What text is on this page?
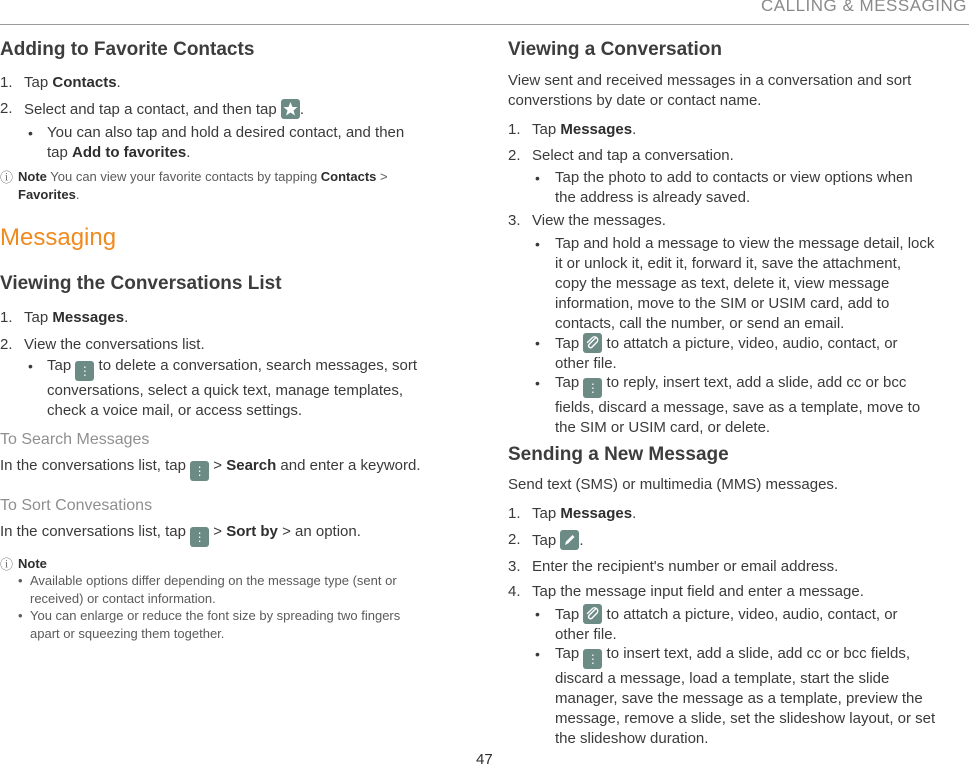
CALLING & MESSAGING
Adding to Favorite Contacts
1. Tap Contacts.
2. Select and tap a contact, and then tap .
• You can also tap and hold a desired contact, and then
tap Add to favorites.
ⓘ Note You can view your favorite contacts by tapping Contacts >
Favorites.
Messaging
Viewing the Conversations List
1. Tap Messages.
2. View the conversations list.
• Tap ⋮ to delete a conversation, search messages, sort
conversations, select a quick text, manage templates,
check a voice mail, or access settings.
To Search Messages
In the conversations list, tap ⋮ > Search and enter a keyword.
To Sort Convesations
In the conversations list, tap ⋮ > Sort by > an option.
ⓘ Note
• Available options differ depending on the message type (sent or
received) or contact information.
• You can enlarge or reduce the font size by spreading two fingers
apart or squeezing them together.
Viewing a Conversation
View sent and received messages in a conversation and sort
converstions by date or contact name.
1. Tap Messages.
2. Select and tap a conversation.
• Tap the photo to add to contacts or view options when
the address is already saved.
3. View the messages.
• Tap and hold a message to view the message detail, lock
it or unlock it, edit it, forward it, save the attachment,
copy the message as text, delete it, view message
information, move to the SIM or USIM card, add to
contacts, call the number, or send an email.
• Tap  to attatch a picture, video, audio, contact, or
other file.
• Tap ⋮ to reply, insert text, add a slide, add cc or bcc
fields, discard a message, save as a template, move to
the SIM or USIM card, or delete.
Sending a New Message
Send text (SMS) or multimedia (MMS) messages.
1. Tap Messages.
2. Tap .
3. Enter the recipient's number or email address.
4. Tap the message input field and enter a message.
• Tap  to attatch a picture, video, audio, contact, or
other file.
• Tap ⋮ to insert text, add a slide, add cc or bcc fields,
discard a message, load a template, start the slide
manager, save the message as a template, preview the
message, remove a slide, set the slideshow layout, or set
the slideshow duration.
47
